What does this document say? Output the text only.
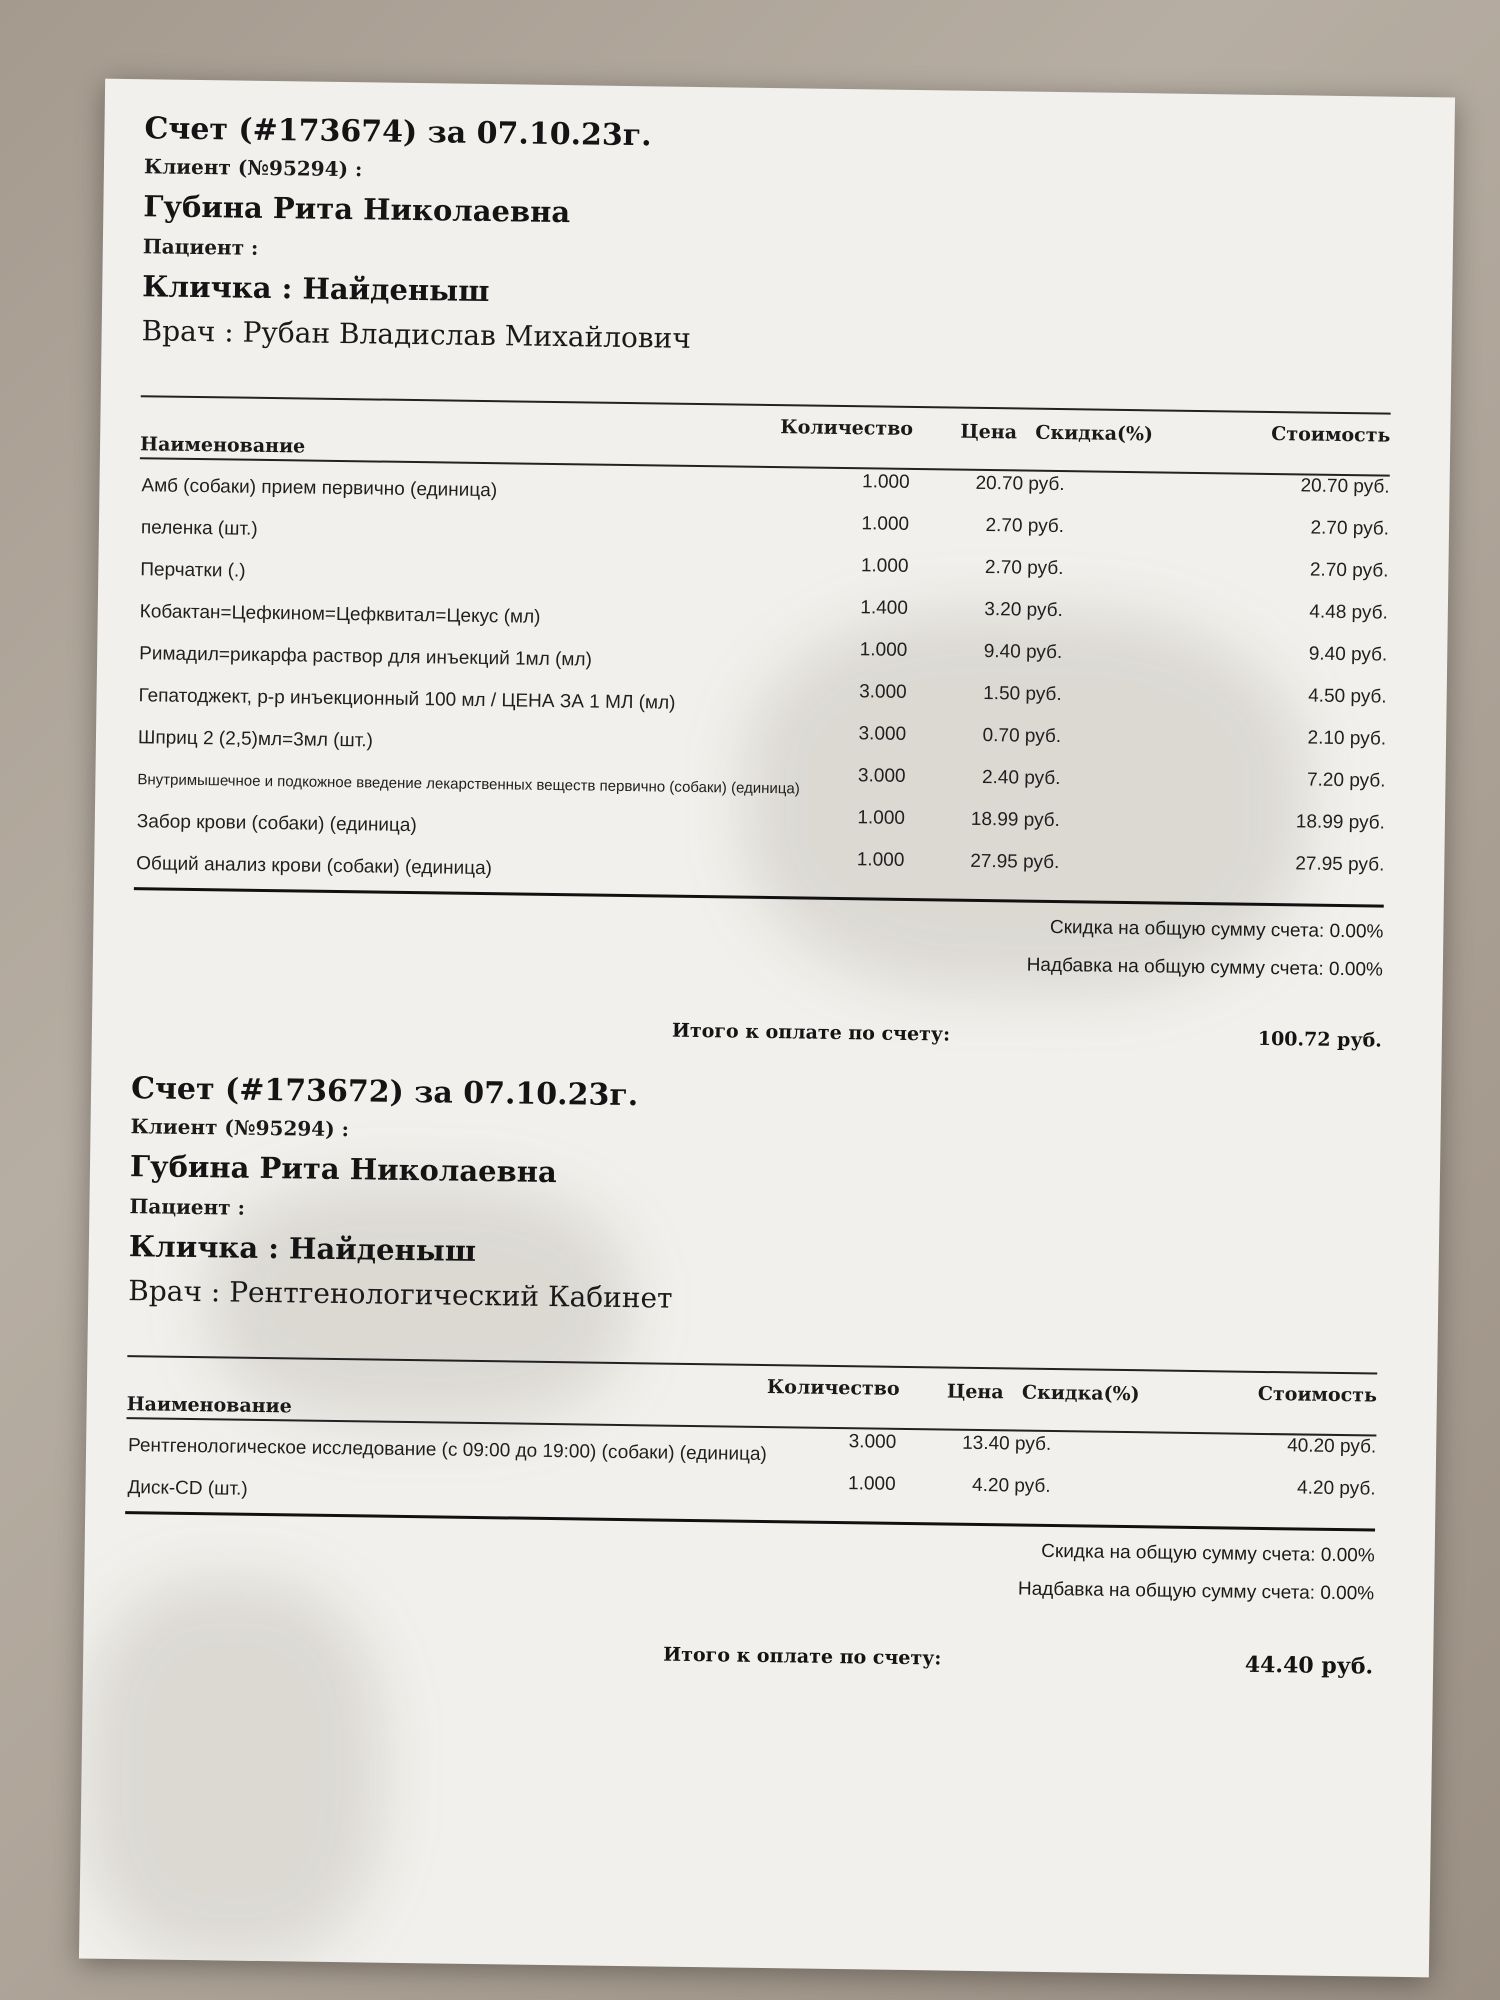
Счет (#173674) за 07.10.23г.
Клиент (№95294) :
Губина Рита Николаевна
Пациент :
Кличка : Найденыш
Врач : Рубан Владислав Михайлович
Наименование
Количество Цена Скидка(%)	Стоимость
Амб (собаки) прием первично (единица)	1.000	20.70 руб.	20.70 руб.
пеленка (шт.)	1.000	2.70 руб.	2.70 руб.
Перчатки (.)	1.000	2.70 руб.	2.70 руб.
Кобактан=Цефкином=Цефквитал=Цекус (мл)	1.400	3.20 руб.	4.48 руб.
Римадил=рикарфа раствор для инъекций 1мл (мл)	1.000	9.40 руб.	9.40 руб.
Гепатоджект, р-р инъекционный 100 мл / ЦЕНА ЗА 1 МЛ (мл)	3.000	1.50 руб.	4.50 руб.
Шприц 2 (2,5)мл=3мл (шт.)	3.000	0.70 руб.	2.10 руб.
Внутримышечное и подкожное введение лекарственных веществ первично (собаки) (единица)	3.000	2.40 руб.	7.20 руб.
Забор крови (собаки) (единица)	1.000	18.99 руб.	18.99 руб.
Общий анализ крови (собаки) (единица)	1.000	27.95 руб.	27.95 руб.
Скидка на общую сумму счета: 0.00%
Надбавка на общую сумму счета: 0.00%
Итого к оплате по счету:	100.72 руб.
Счет (#173672) за 07.10.23г.
Клиент (№95294) :
Губина Рита Николаевна
Пациент :
Кличка : Найденыш
Врач : Рентгенологический Кабинет
Наименование
Количество Цена Скидка(%)	Стоимость
Рентгенологическое исследование (с 09:00 до 19:00) (собаки) (единица)	3.000	13.40 руб.	40.20 руб.
Диск-CD (шт.)	1.000	4.20 руб.	4.20 руб.
Скидка на общую сумму счета: 0.00%
Надбавка на общую сумму счета: 0.00%
Итого к оплате по счету:	44.40 руб.
